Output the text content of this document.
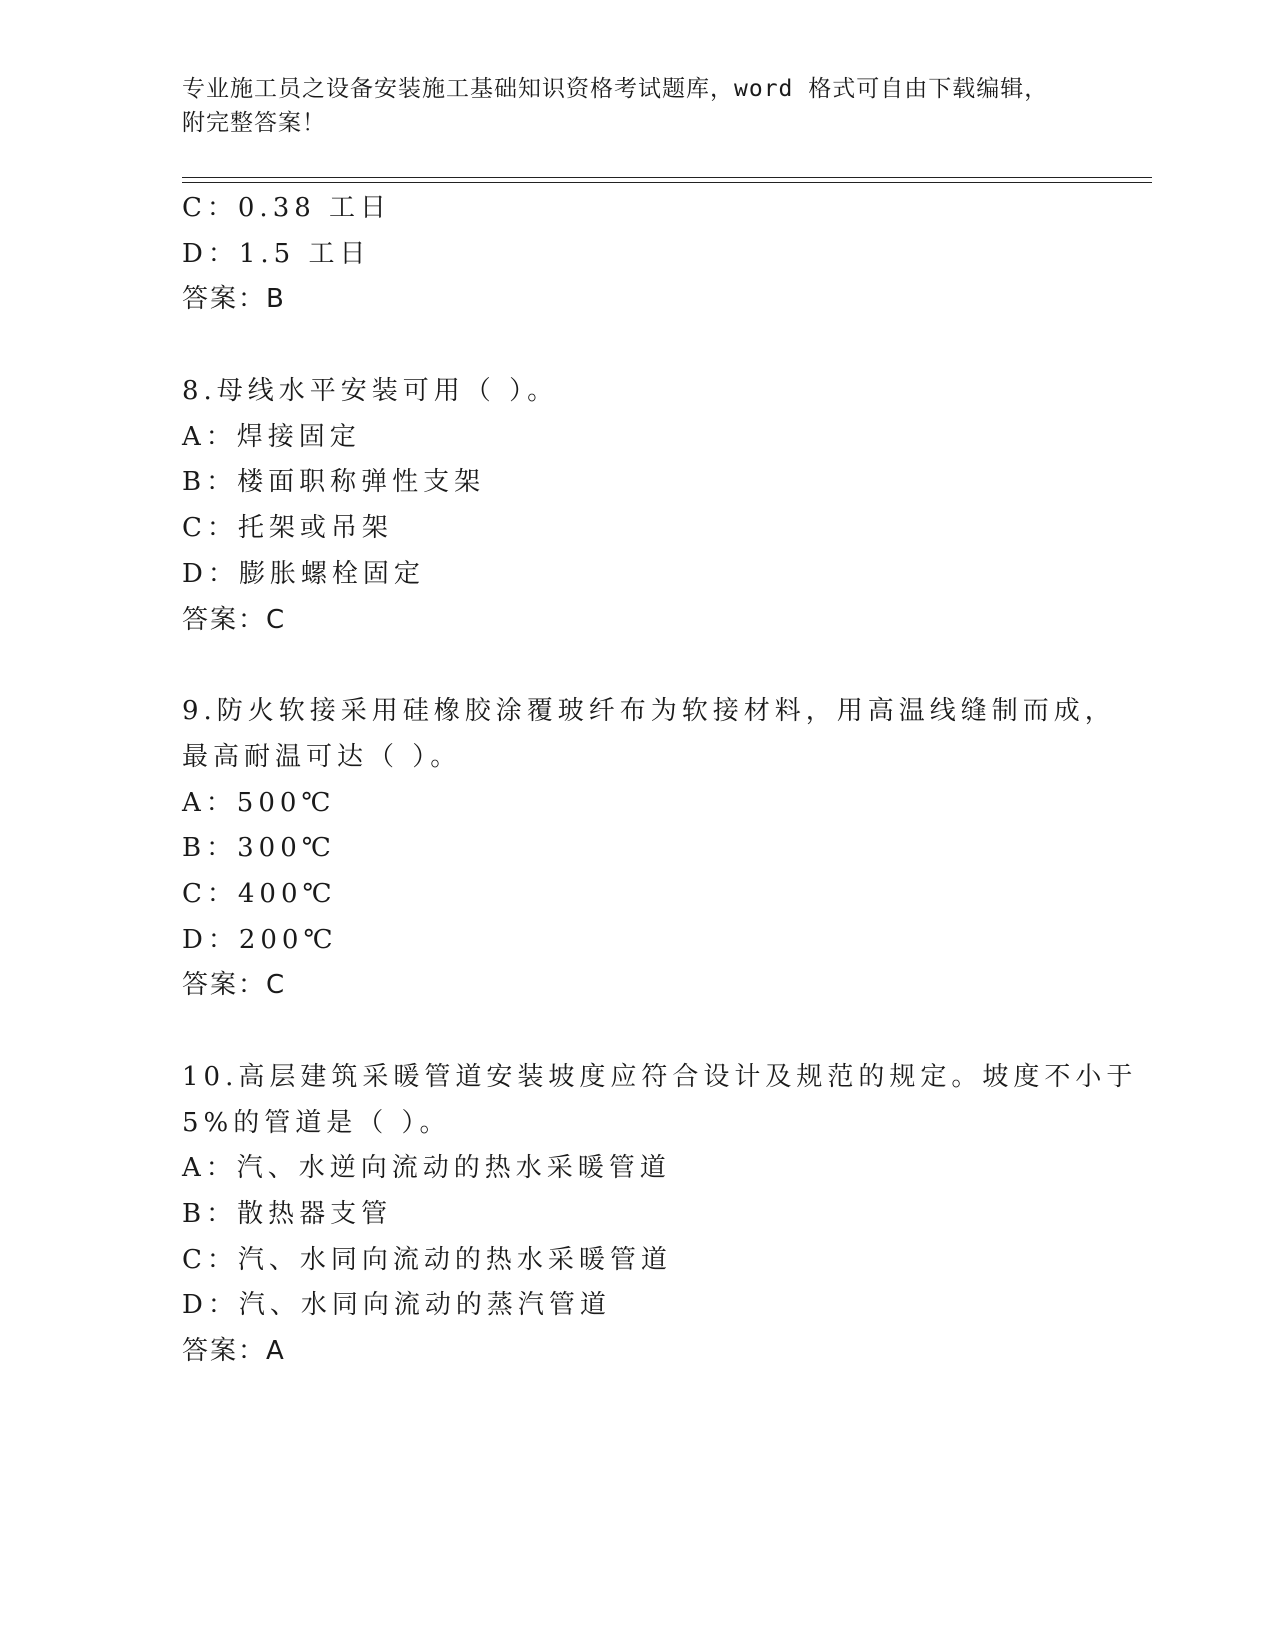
专业施工员之设备安装施工基础知识资格考试题库，word 格式可自由下载编辑，

附完整答案！

C：0.38 工日
D：1.5 工日
答案：B
8.母线水平安装可用（ ）。
A：焊接固定
B：楼面职称弹性支架
C：托架或吊架
D：膨胀螺栓固定
答案：C
9.防火软接采用硅橡胶涂覆玻纤布为软接材料，用高温线缝制而成，
最高耐温可达（ ）。
A：500℃
B：300℃
C：400℃
D：200℃
答案：C
10.高层建筑采暖管道安装坡度应符合设计及规范的规定。坡度不小于
5%的管道是（ ）。
A：汽、水逆向流动的热水采暖管道
B：散热器支管
C：汽、水同向流动的热水采暖管道
D：汽、水同向流动的蒸汽管道
答案：A
